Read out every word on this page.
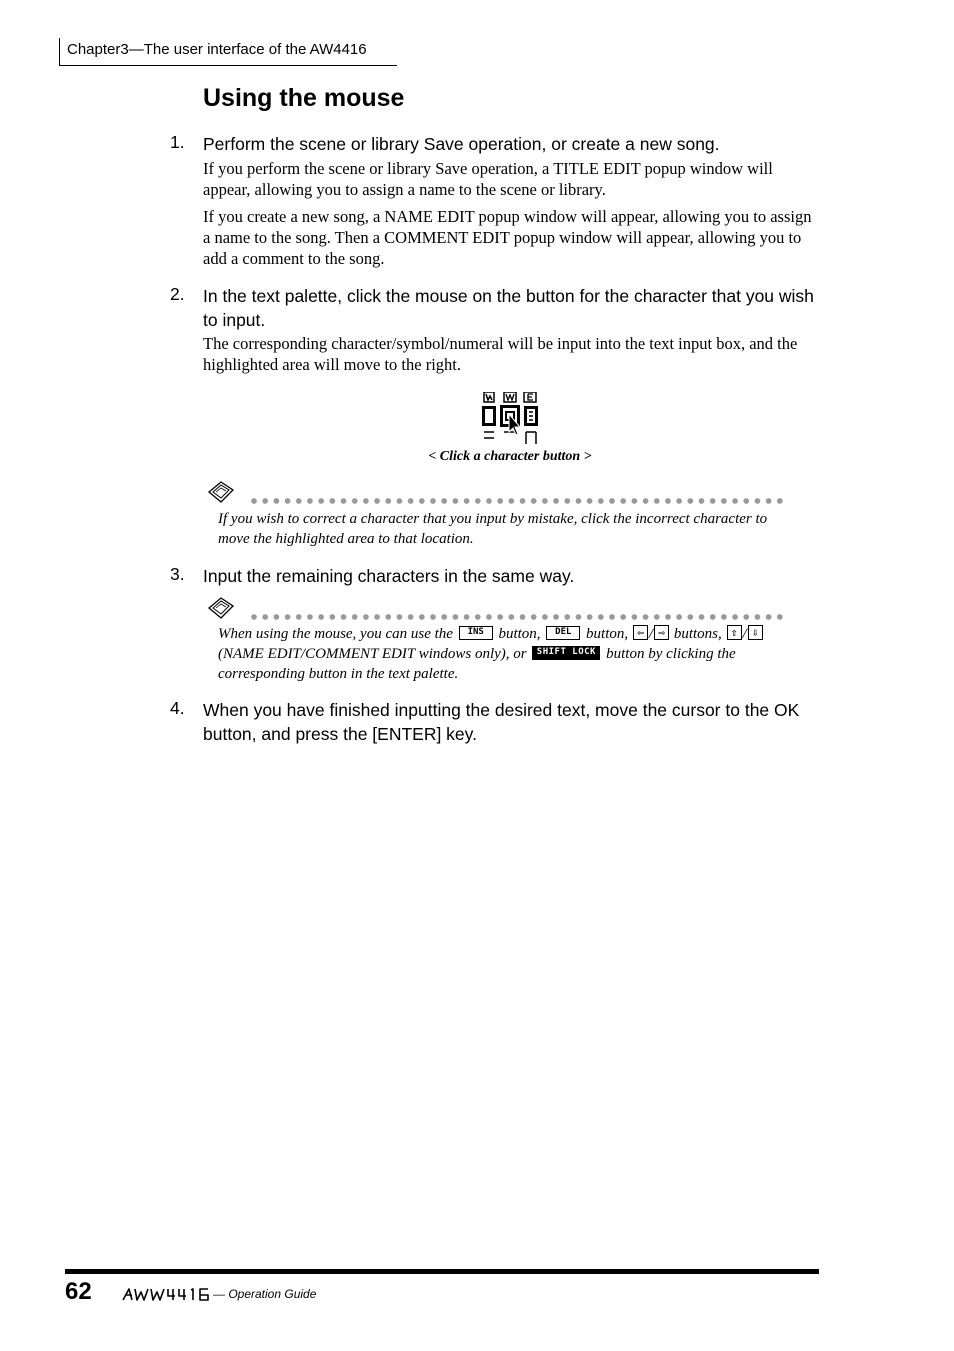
Chapter3—The user interface of the AW4416
Using the mouse
1. Perform the scene or library Save operation, or create a new song.
If you perform the scene or library Save operation, a TITLE EDIT popup window will appear, allowing you to assign a name to the scene or library.
If you create a new song, a NAME EDIT popup window will appear, allowing you to assign a name to the song. Then a COMMENT EDIT popup window will appear, allowing you to add a comment to the song.
2. In the text palette, click the mouse on the button for the character that you wish to input.
The corresponding character/symbol/numeral will be input into the text input box, and the highlighted area will move to the right.
< Click a character button >
If you wish to correct a character that you input by mistake, click the incorrect character to move the highlighted area to that location.
3. Input the remaining characters in the same way.
When using the mouse, you can use the INS button, DEL button, ⇦ / ⇨ buttons, ⇧ / ⇩ (NAME EDIT/COMMENT EDIT windows only), or SHIFT LOCK button by clicking the corresponding button in the text palette.
4. When you have finished inputting the desired text, move the cursor to the OK button, and press the [ENTER] key.
62	— Operation Guide
